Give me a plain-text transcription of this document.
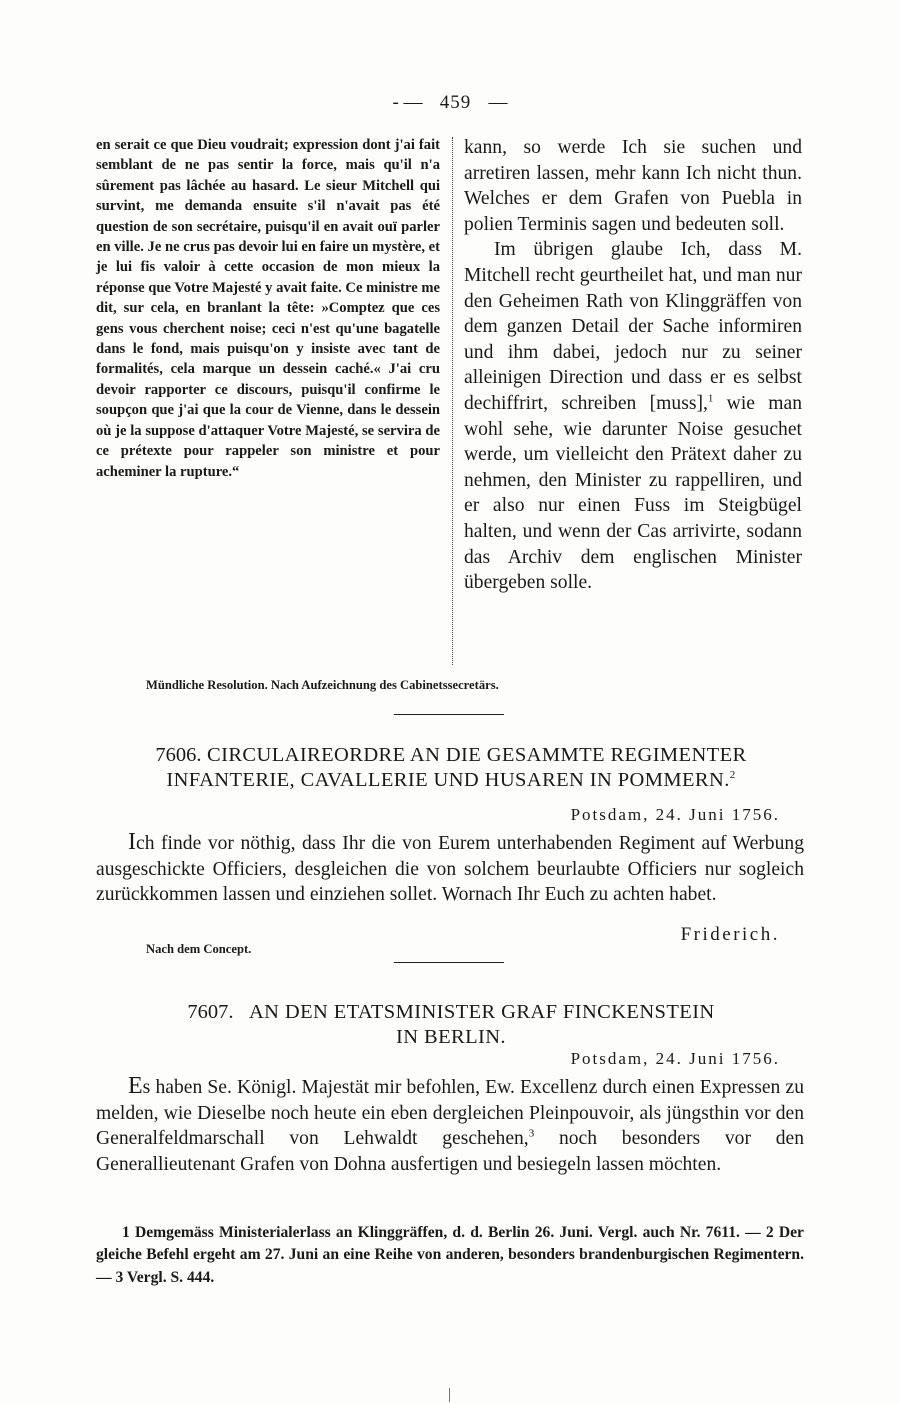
- — 459 —

en serait ce que Dieu voudrait; expression dont j'ai fait semblant de ne pas sentir la force, mais qu'il n'a sûrement pas lâchée au hasard. Le sieur Mitchell qui survint, me demanda ensuite s'il n'avait pas été question de son secrétaire, puisqu'il en avait ouï parler en ville. Je ne crus pas devoir lui en faire un mystère, et je lui fis valoir à cette occasion de mon mieux la réponse que Votre Majesté y avait faite. Ce ministre me dit, sur cela, en branlant la tête: »Comptez que ces gens vous cherchent noise; ceci n'est qu'une bagatelle dans le fond, mais puisqu'on y insiste avec tant de formalités, cela marque un dessein caché.« J'ai cru devoir rapporter ce discours, puisqu'il confirme le soupçon que j'ai que la cour de Vienne, dans le dessein où je la suppose d'attaquer Votre Majesté, se servira de ce prétexte pour rappeler son ministre et pour acheminer la rupture.“

kann, so werde Ich sie suchen und arretiren lassen, mehr kann Ich nicht thun. Welches er dem Grafen von Puebla in polien Terminis sagen und bedeuten soll.

Im übrigen glaube Ich, dass M. Mitchell recht geurtheilet hat, und man nur den Geheimen Rath von Klinggräffen von dem ganzen Detail der Sache informiren und ihm dabei, jedoch nur zu seiner alleinigen Direction und dass er es selbst dechiffrirt, schreiben [muss],$^1$ wie man wohl sehe, wie darunter Noise gesuchet werde, um vielleicht den Prätext daher zu nehmen, den Minister zu rappelliren, und er also nur einen Fuss im Steigbügel halten, und wenn der Cas arrivirte, sodann das Archiv dem englischen Minister übergeben solle.

Mündliche Resolution. Nach Aufzeichnung des Cabinetssecretärs.
7606. CIRCULAIREORDRE AN DIE GESAMMTE REGIMENTER
INFANTERIE, CAVALLERIE UND HUSAREN IN POMMERN.$^2$
Potsdam, 24. Juni 1756.

Ich finde vor nöthig, dass Ihr die von Eurem unterhabenden Regiment auf Werbung ausgeschickte Officiers, desgleichen die von solchem beurlaubte Officiers nur sogleich zurückkommen lassen und einziehen sollet. Wornach Ihr Euch zu achten habet.

Friderich.
Nach dem Concept.
7607. AN DEN ETATSMINISTER GRAF FINCKENSTEIN
IN BERLIN.
Potsdam, 24. Juni 1756.

Es haben Se. Königl. Majestät mir befohlen, Ew. Excellenz durch einen Expressen zu melden, wie Dieselbe noch heute ein eben dergleichen Pleinpouvoir, als jüngsthin vor den Generalfeldmarschall von Lehwaldt geschehen,$^3$ noch besonders vor den Generallieutenant Grafen von Dohna ausfertigen und besiegeln lassen möchten.

1 Demgemäss Ministerialerlass an Klinggräffen, d. d. Berlin 26. Juni. Vergl. auch Nr. 7611. — 2 Der gleiche Befehl ergeht am 27. Juni an eine Reihe von anderen, besonders brandenburgischen Regimentern. — 3 Vergl. S. 444.
